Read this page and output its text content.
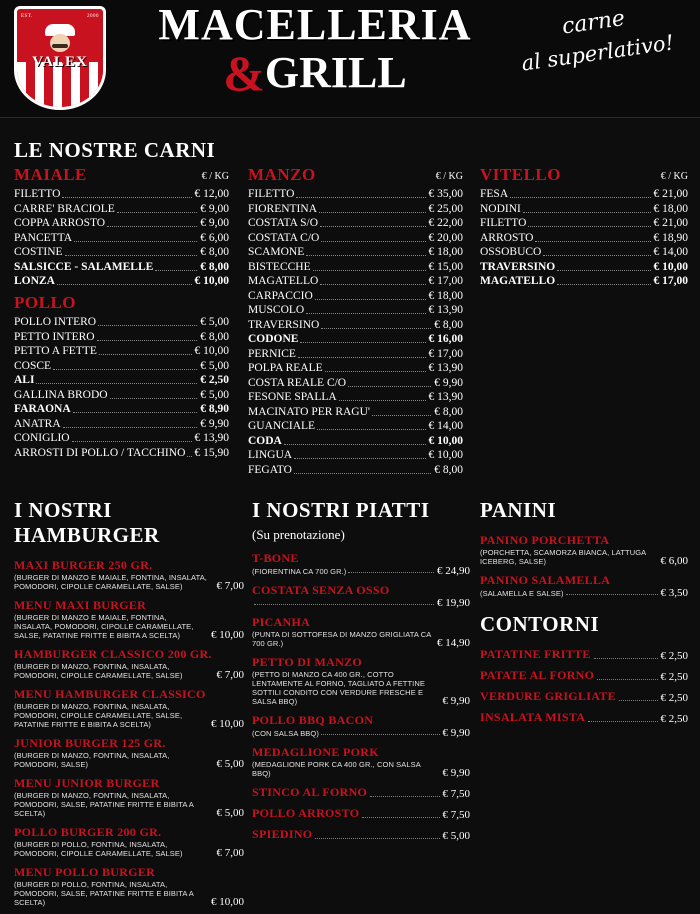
EST.	2000
VALEX
MACELLERIA
&GRILL
carne
al superlativo!
LE NOSTRE CARNI
€ / KG
MAIALE
FILETTO	€ 12,00
CARRE' BRACIOLE	€ 9,00
COPPA ARROSTO	€ 9,00
PANCETTA	€ 6,00
COSTINE	€ 8,00
SALSICCE - SALAMELLE	€ 8,00
LONZA	€ 10,00
POLLO
POLLO INTERO	€ 5,00
PETTO INTERO	€ 8,00
PETTO A FETTE	€ 10,00
COSCE	€ 5,00
ALI	€ 2,50
GALLINA BRODO	€ 5,00
FARAONA	€ 8,90
ANATRA	€ 9,90
CONIGLIO	€ 13,90
ARROSTI DI POLLO / TACCHINO € 15,90
€ / KG
MANZO
FILETTO	€ 35,00
FIORENTINA	€ 25,00
COSTATA S/O	€ 22,00
COSTATA C/O	€ 20,00
SCAMONE	€ 18,00
BISTECCHE	€ 15,00
MAGATELLO	€ 17,00
CARPACCIO	€ 18,00
MUSCOLO	€ 13,90
TRAVERSINO	€ 8,00
CODONE	€ 16,00
PERNICE	€ 17,00
POLPA REALE	€ 13,90
COSTA REALE C/O	€ 9,90
FESONE SPALLA	€ 13,90
MACINATO PER RAGU'	€ 8,00
GUANCIALE	€ 14,00
CODA	€ 10,00
LINGUA	€ 10,00
FEGATO	€ 8,00
€ / KG
VITELLO
FESA	€ 21,00
NODINI	€ 18,00
FILETTO	€ 21,00
ARROSTO	€ 18,90
OSSOBUCO	€ 14,00
TRAVERSINO	€ 10,00
MAGATELLO	€ 17,00
I NOSTRI HAMBURGER
MAXI BURGER 250 GR.
(BURGER DI MANZO E MAIALE, FONTINA, INSALATA, POMODORI, CIPOLLE CARAMELLATE, SALSE)	€ 7,00
MENU MAXI BURGER
(BURGER DI MANZO E MAIALE, FONTINA, INSALATA, POMODORI, CIPOLLE CARAMELLATE, SALSE, PATATINE FRITTE E BIBITA A SCELTA)	€ 10,00
HAMBURGER CLASSICO 200 GR.
(BURGER DI MANZO, FONTINA, INSALATA, POMODORI, CIPOLLE CARAMELLATE, SALSE)	€ 7,00
MENU HAMBURGER CLASSICO
(BURGER DI MANZO, FONTINA, INSALATA, POMODORI, CIPOLLE CARAMELLATE, SALSE, PATATINE FRITTE E BIBITA A SCELTA)	€ 10,00
JUNIOR BURGER 125 GR.
(BURGER DI MANZO, FONTINA, INSALATA, POMODORI, SALSE)	€ 5,00
MENU JUNIOR BURGER
(BURGER DI MANZO, FONTINA, INSALATA, POMODORI, SALSE, PATATINE FRITTE E BIBITA A SCELTA)	€ 5,00
POLLO BURGER 200 GR.
(BURGER DI POLLO, FONTINA, INSALATA, POMODORI, CIPOLLE CARAMELLATE, SALSE)	€ 7,00
MENU POLLO BURGER
(BURGER DI POLLO, FONTINA, INSALATA, POMODORI, SALSE, PATATINE FRITTE E BIBITA A SCELTA)	€ 10,00
I NOSTRI PIATTI
(Su prenotazione)
T-BONE
(FIORENTINA CA 700 GR.)	€ 24,90
COSTATA SENZA OSSO
€ 19,90
PICANHA
(PUNTA DI SOTTOFESA DI MANZO GRIGLIATA CA 700 GR.)	€ 14,90
PETTO DI MANZO
(PETTO DI MANZO CA 400 GR., COTTO LENTAMENTE AL FORNO, TAGLIATO A FETTINE SOTTILI CONDITO CON VERDURE FRESCHE E SALSA BBQ)	€ 9,90
POLLO BBQ BACON
(CON SALSA BBQ)	€ 9,90
MEDAGLIONE PORK
(MEDAGLIONE PORK CA 400 GR., CON SALSA BBQ)	€ 9,90
STINCO AL FORNO	€ 7,50
POLLO ARROSTO	€ 7,50
SPIEDINO	€ 5,00
PANINI
PANINO PORCHETTA
(PORCHETTA, SCAMORZA BIANCA, LATTUGA ICEBERG, SALSE)	€ 6,00
PANINO SALAMELLA
(SALAMELLA E SALSE)	€ 3,50
CONTORNI
PATATINE FRITTE	€ 2,50
PATATE AL FORNO	€ 2,50
VERDURE GRIGLIATE	€ 2,50
INSALATA MISTA	€ 2,50
